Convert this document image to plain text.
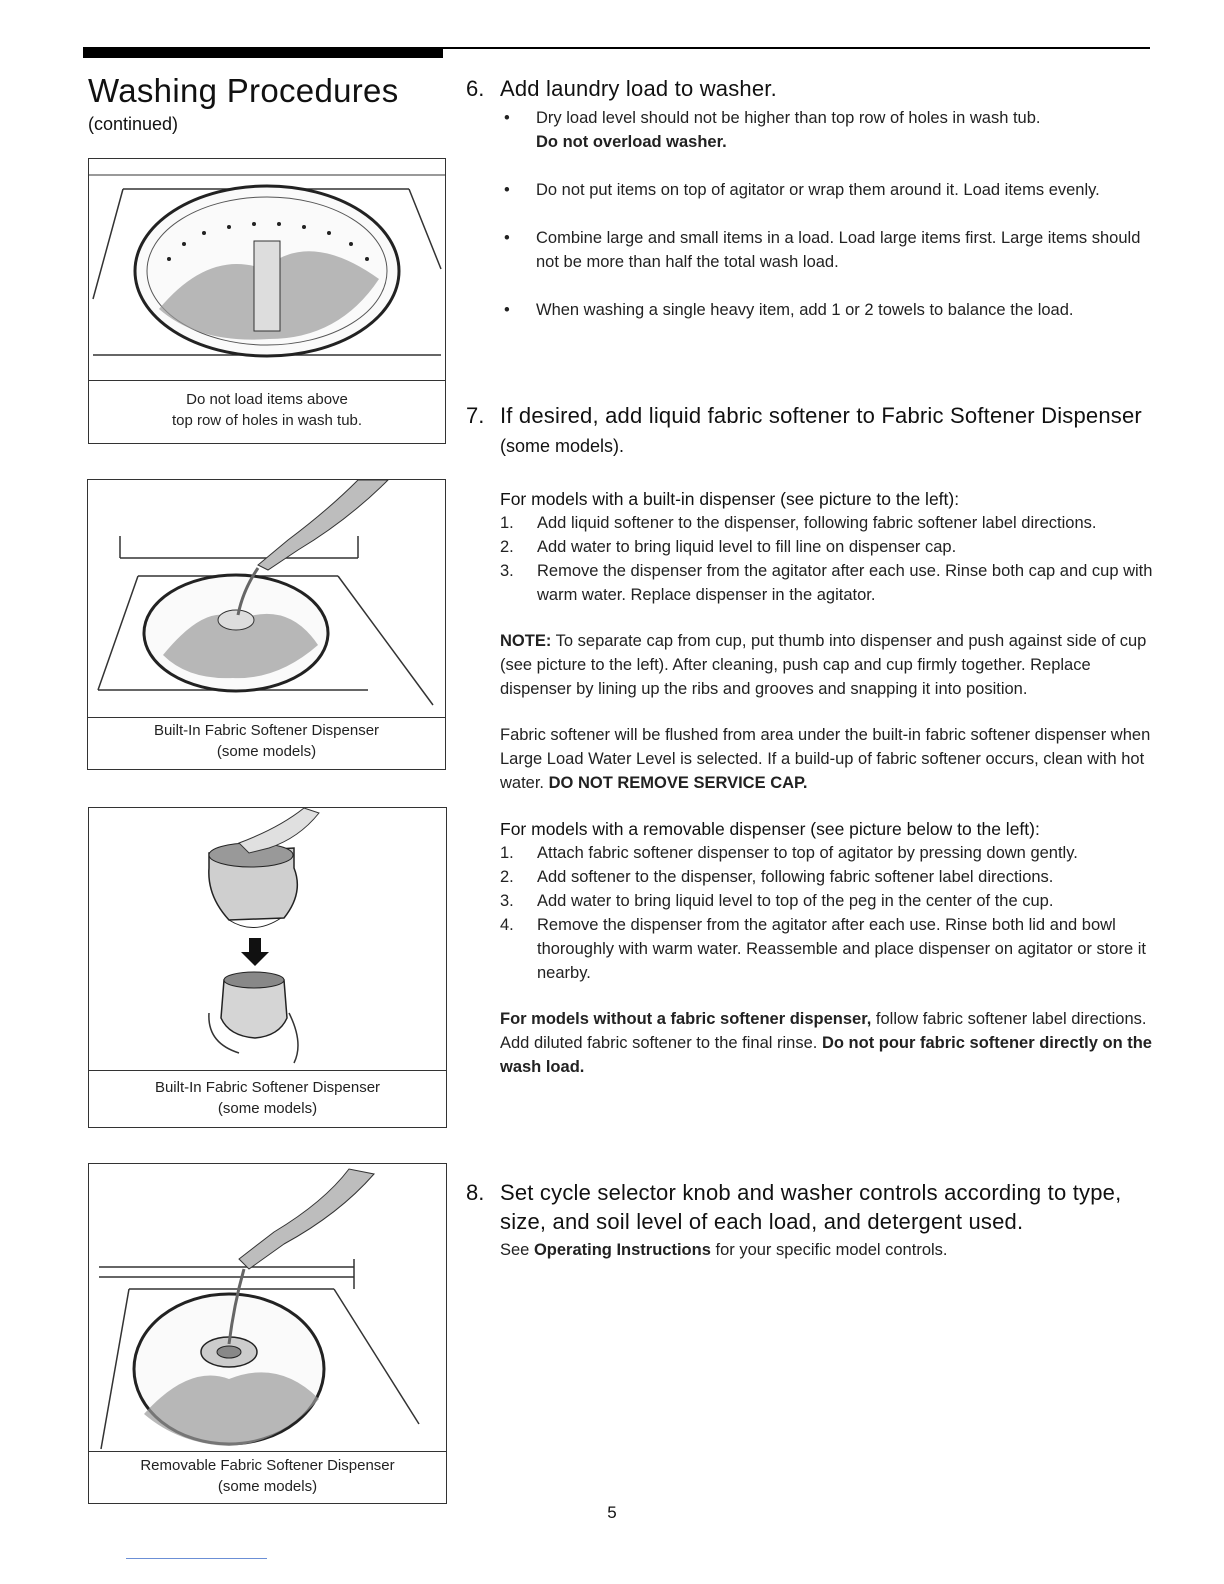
Washing Procedures
(continued)
Do not load items above
top row of holes in wash tub.
Built-In Fabric Softener Dispenser
(some models)
Built-In Fabric Softener Dispenser
(some models)
Removable Fabric Softener Dispenser
(some models)
6. Add laundry load to washer.
• Dry load level should not be higher than top row of holes in wash tub.
Do not overload washer.
• Do not put items on top of agitator or wrap them around it. Load items evenly.
• Combine large and small items in a load. Load large items first. Large items should not be more than half the total wash load.
• When washing a single heavy item, add 1 or 2 towels to balance the load.
7. If desired, add liquid fabric softener to Fabric Softener Dispenser (some models).
For models with a built-in dispenser (see picture to the left):
1. Add liquid softener to the dispenser, following fabric softener label directions.
2. Add water to bring liquid level to fill line on dispenser cap.
3. Remove the dispenser from the agitator after each use. Rinse both cap and cup with warm water. Replace dispenser in the agitator.
NOTE: To separate cap from cup, put thumb into dispenser and push against side of cup (see picture to the left). After cleaning, push cap and cup firmly together. Replace dispenser by lining up the ribs and grooves and snapping it into position.
Fabric softener will be flushed from area under the built-in fabric softener dispenser when Large Load Water Level is selected. If a build-up of fabric softener occurs, clean with hot water. DO NOT REMOVE SERVICE CAP.
For models with a removable dispenser (see picture below to the left):
1. Attach fabric softener dispenser to top of agitator by pressing down gently.
2. Add softener to the dispenser, following fabric softener label directions.
3. Add water to bring liquid level to top of the peg in the center of the cup.
4. Remove the dispenser from the agitator after each use. Rinse both lid and bowl thoroughly with warm water. Reassemble and place dispenser on agitator or store it nearby.
For models without a fabric softener dispenser, follow fabric softener label directions. Add diluted fabric softener to the final rinse. Do not pour fabric softener directly on the wash load.
8. Set cycle selector knob and washer controls according to type, size, and soil level of each load, and detergent used.
See Operating Instructions for your specific model controls.
5
